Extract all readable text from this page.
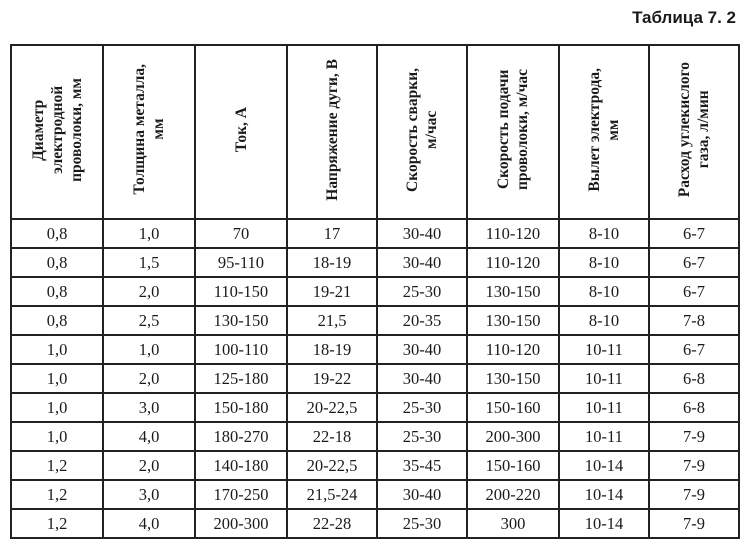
Таблица 7. 2
Диаметр
электродной
проволоки, мм	Толщина металла,
мм	Ток, А	Напряжение дуги, В	Скорость сварки,
м/час	Скорость подачи
проволоки, м/час	Вылет электрода,
мм	Расход углекислого
газа, л/мин
0,8	1,0	70	17	30-40	110-120	8-10	6-7
0,8	1,5	95-110	18-19	30-40	110-120	8-10	6-7
0,8	2,0	110-150	19-21	25-30	130-150	8-10	6-7
0,8	2,5	130-150	21,5	20-35	130-150	8-10	7-8
1,0	1,0	100-110	18-19	30-40	110-120	10-11	6-7
1,0	2,0	125-180	19-22	30-40	130-150	10-11	6-8
1,0	3,0	150-180	20-22,5	25-30	150-160	10-11	6-8
1,0	4,0	180-270	22-18	25-30	200-300	10-11	7-9
1,2	2,0	140-180	20-22,5	35-45	150-160	10-14	7-9
1,2	3,0	170-250	21,5-24	30-40	200-220	10-14	7-9
1,2	4,0	200-300	22-28	25-30	300	10-14	7-9
